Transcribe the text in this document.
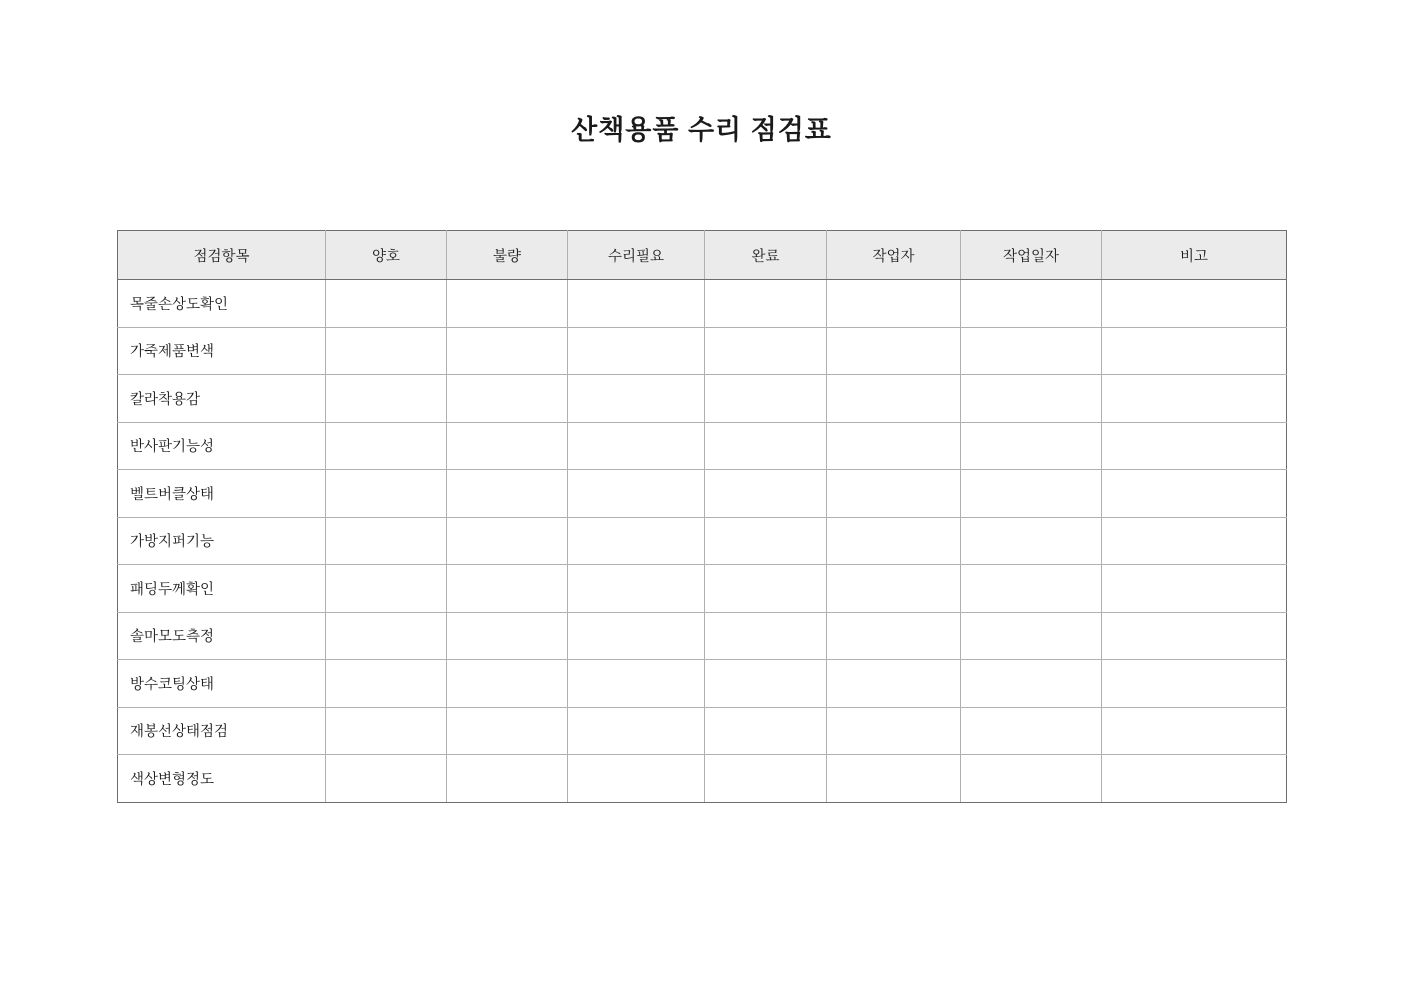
산책용품 수리 점검표
점검항목	양호	불량	수리필요	완료	작업자	작업일자	비고
목줄손상도확인							
가죽제품변색							
칼라착용감							
반사판기능성							
벨트버클상태							
가방지퍼기능							
패딩두께확인							
솔마모도측정							
방수코팅상태							
재봉선상태점검							
색상변형정도							
